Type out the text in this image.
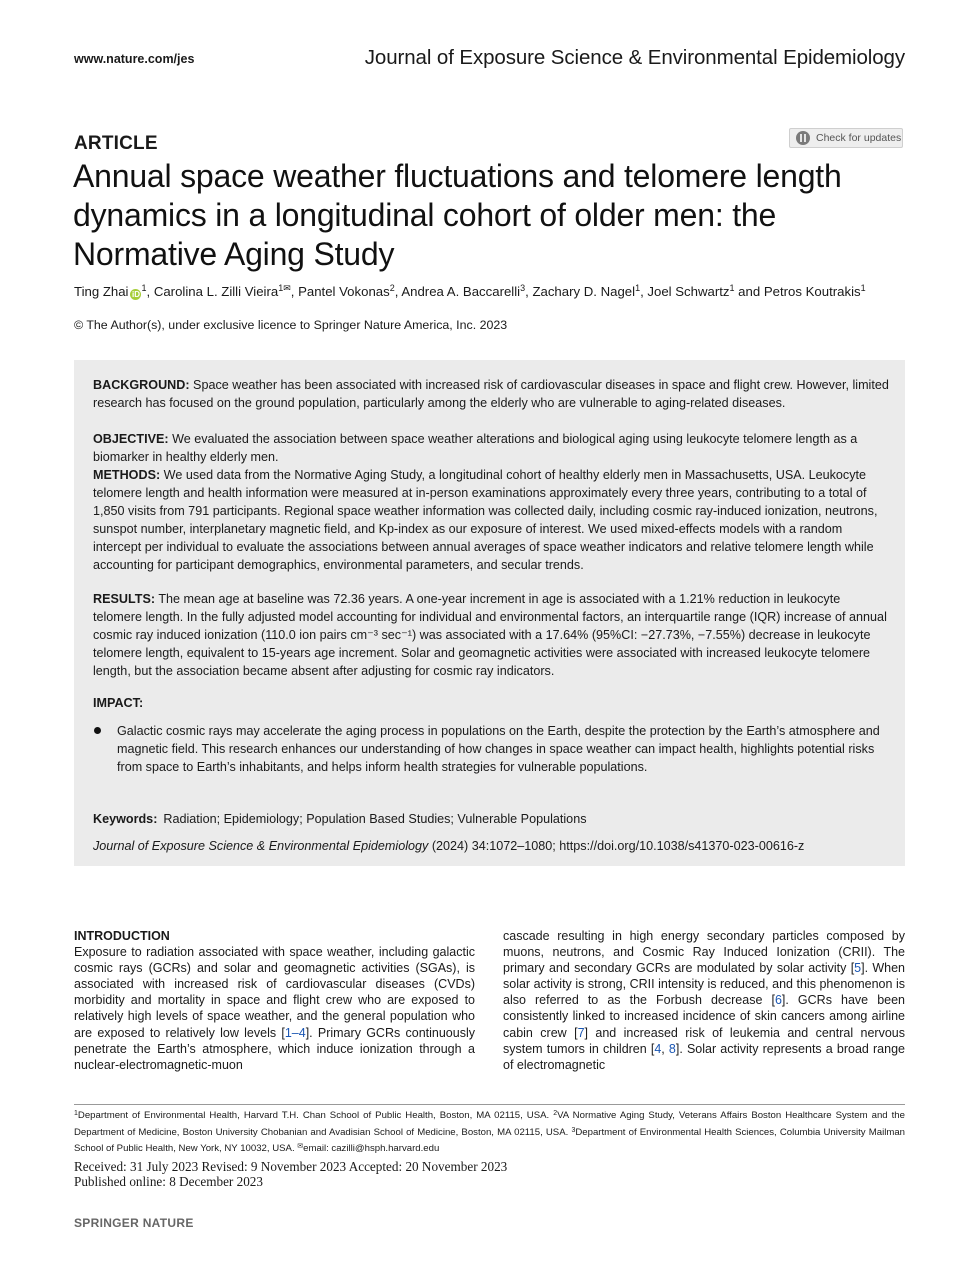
www.nature.com/jes	Journal of Exposure Science & Environmental Epidemiology
ARTICLE	Check for updates
Annual space weather fluctuations and telomere length dynamics in a longitudinal cohort of older men: the Normative Aging Study
Ting Zhai $iD^1$, Carolina L. Zilli Vieira$^{1✉}$, Pantel Vokonas$^2$, Andrea A. Baccarelli$^3$, Zachary D. Nagel$^1$, Joel Schwartz$^1$ and Petros Koutrakis$^1$
© The Author(s), under exclusive licence to Springer Nature America, Inc. 2023
BACKGROUND: Space weather has been associated with increased risk of cardiovascular diseases in space and flight crew. However, limited research has focused on the ground population, particularly among the elderly who are vulnerable to aging-related diseases.
OBJECTIVE: We evaluated the association between space weather alterations and biological aging using leukocyte telomere length as a biomarker in healthy elderly men.
METHODS: We used data from the Normative Aging Study, a longitudinal cohort of healthy elderly men in Massachusetts, USA. Leukocyte telomere length and health information were measured at in-person examinations approximately every three years, contributing to a total of 1,850 visits from 791 participants. Regional space weather information was collected daily, including cosmic ray-induced ionization, neutrons, sunspot number, interplanetary magnetic field, and Kp-index as our exposure of interest. We used mixed-effects models with a random intercept per individual to evaluate the associations between annual averages of space weather indicators and relative telomere length while accounting for participant demographics, environmental parameters, and secular trends.
RESULTS: The mean age at baseline was 72.36 years. A one-year increment in age is associated with a 1.21% reduction in leukocyte telomere length. In the fully adjusted model accounting for individual and environmental factors, an interquartile range (IQR) increase of annual cosmic ray induced ionization (110.0 ion pairs cm⁻³ sec⁻¹) was associated with a 17.64% (95%CI: −27.73%, −7.55%) decrease in leukocyte telomere length, equivalent to 15-years age increment. Solar and geomagnetic activities were associated with increased leukocyte telomere length, but the association became absent after adjusting for cosmic ray indicators.
IMPACT:
Galactic cosmic rays may accelerate the aging process in populations on the Earth, despite the protection by the Earth’s atmosphere and magnetic field. This research enhances our understanding of how changes in space weather can impact health, highlights potential risks from space to Earth’s inhabitants, and helps inform health strategies for vulnerable populations.
Keywords: Radiation; Epidemiology; Population Based Studies; Vulnerable Populations
Journal of Exposure Science & Environmental Epidemiology (2024) 34:1072–1080; https://doi.org/10.1038/s41370-023-00616-z
INTRODUCTION
Exposure to radiation associated with space weather, including galactic cosmic rays (GCRs) and solar and geomagnetic activities (SGAs), is associated with increased risk of cardiovascular diseases (CVDs) morbidity and mortality in space and flight crew who are exposed to relatively high levels of space weather, and the general population who are exposed to relatively low levels [1–4]. Primary GCRs continuously penetrate the Earth’s atmosphere, which induce ionization through a nuclear-electromagnetic-muon
cascade resulting in high energy secondary particles composed by muons, neutrons, and Cosmic Ray Induced Ionization (CRII). The primary and secondary GCRs are modulated by solar activity [5]. When solar activity is strong, CRII intensity is reduced, and this phenomenon is also referred to as the Forbush decrease [6]. GCRs have been consistently linked to increased incidence of skin cancers among airline cabin crew [7] and increased risk of leukemia and central nervous system tumors in children [4, 8]. Solar activity represents a broad range of electromagnetic
$^1$Department of Environmental Health, Harvard T.H. Chan School of Public Health, Boston, MA 02115, USA. $^2$VA Normative Aging Study, Veterans Affairs Boston Healthcare System and the Department of Medicine, Boston University Chobanian and Avadisian School of Medicine, Boston, MA 02115, USA. $^3$Department of Environmental Health Sciences, Columbia University Mailman School of Public Health, New York, NY 10032, USA. ✉email: cazilli@hsph.harvard.edu
Received: 31 July 2023 Revised: 9 November 2023 Accepted: 20 November 2023
Published online: 8 December 2023
SPRINGER NATURE
